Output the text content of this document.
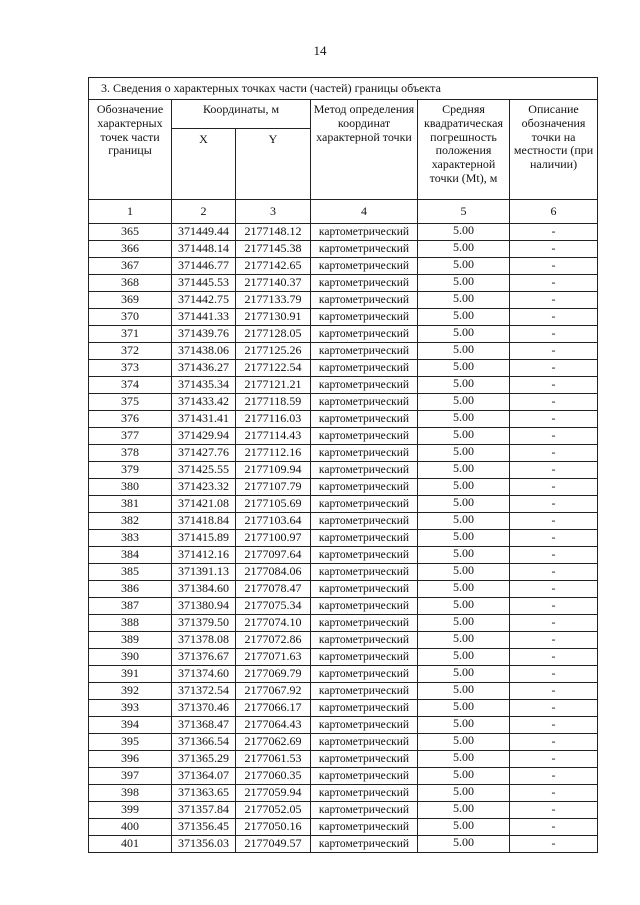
14
3. Сведения о характерных точках части (частей) границы объекта					
Обозначение характерных точек части границы	Координаты, м		Метод определения координат характерной точки	Средняя квадратическая погрешность положения характерной точки (Mt), м	Описание обозначения точки на местности (при наличии)
	X	Y			
1	2	3	4	5	6
365	371449.44	2177148.12	картометрический	5.00	-
366	371448.14	2177145.38	картометрический	5.00	-
367	371446.77	2177142.65	картометрический	5.00	-
368	371445.53	2177140.37	картометрический	5.00	-
369	371442.75	2177133.79	картометрический	5.00	-
370	371441.33	2177130.91	картометрический	5.00	-
371	371439.76	2177128.05	картометрический	5.00	-
372	371438.06	2177125.26	картометрический	5.00	-
373	371436.27	2177122.54	картометрический	5.00	-
374	371435.34	2177121.21	картометрический	5.00	-
375	371433.42	2177118.59	картометрический	5.00	-
376	371431.41	2177116.03	картометрический	5.00	-
377	371429.94	2177114.43	картометрический	5.00	-
378	371427.76	2177112.16	картометрический	5.00	-
379	371425.55	2177109.94	картометрический	5.00	-
380	371423.32	2177107.79	картометрический	5.00	-
381	371421.08	2177105.69	картометрический	5.00	-
382	371418.84	2177103.64	картометрический	5.00	-
383	371415.89	2177100.97	картометрический	5.00	-
384	371412.16	2177097.64	картометрический	5.00	-
385	371391.13	2177084.06	картометрический	5.00	-
386	371384.60	2177078.47	картометрический	5.00	-
387	371380.94	2177075.34	картометрический	5.00	-
388	371379.50	2177074.10	картометрический	5.00	-
389	371378.08	2177072.86	картометрический	5.00	-
390	371376.67	2177071.63	картометрический	5.00	-
391	371374.60	2177069.79	картометрический	5.00	-
392	371372.54	2177067.92	картометрический	5.00	-
393	371370.46	2177066.17	картометрический	5.00	-
394	371368.47	2177064.43	картометрический	5.00	-
395	371366.54	2177062.69	картометрический	5.00	-
396	371365.29	2177061.53	картометрический	5.00	-
397	371364.07	2177060.35	картометрический	5.00	-
398	371363.65	2177059.94	картометрический	5.00	-
399	371357.84	2177052.05	картометрический	5.00	-
400	371356.45	2177050.16	картометрический	5.00	-
401	371356.03	2177049.57	картометрический	5.00	-
